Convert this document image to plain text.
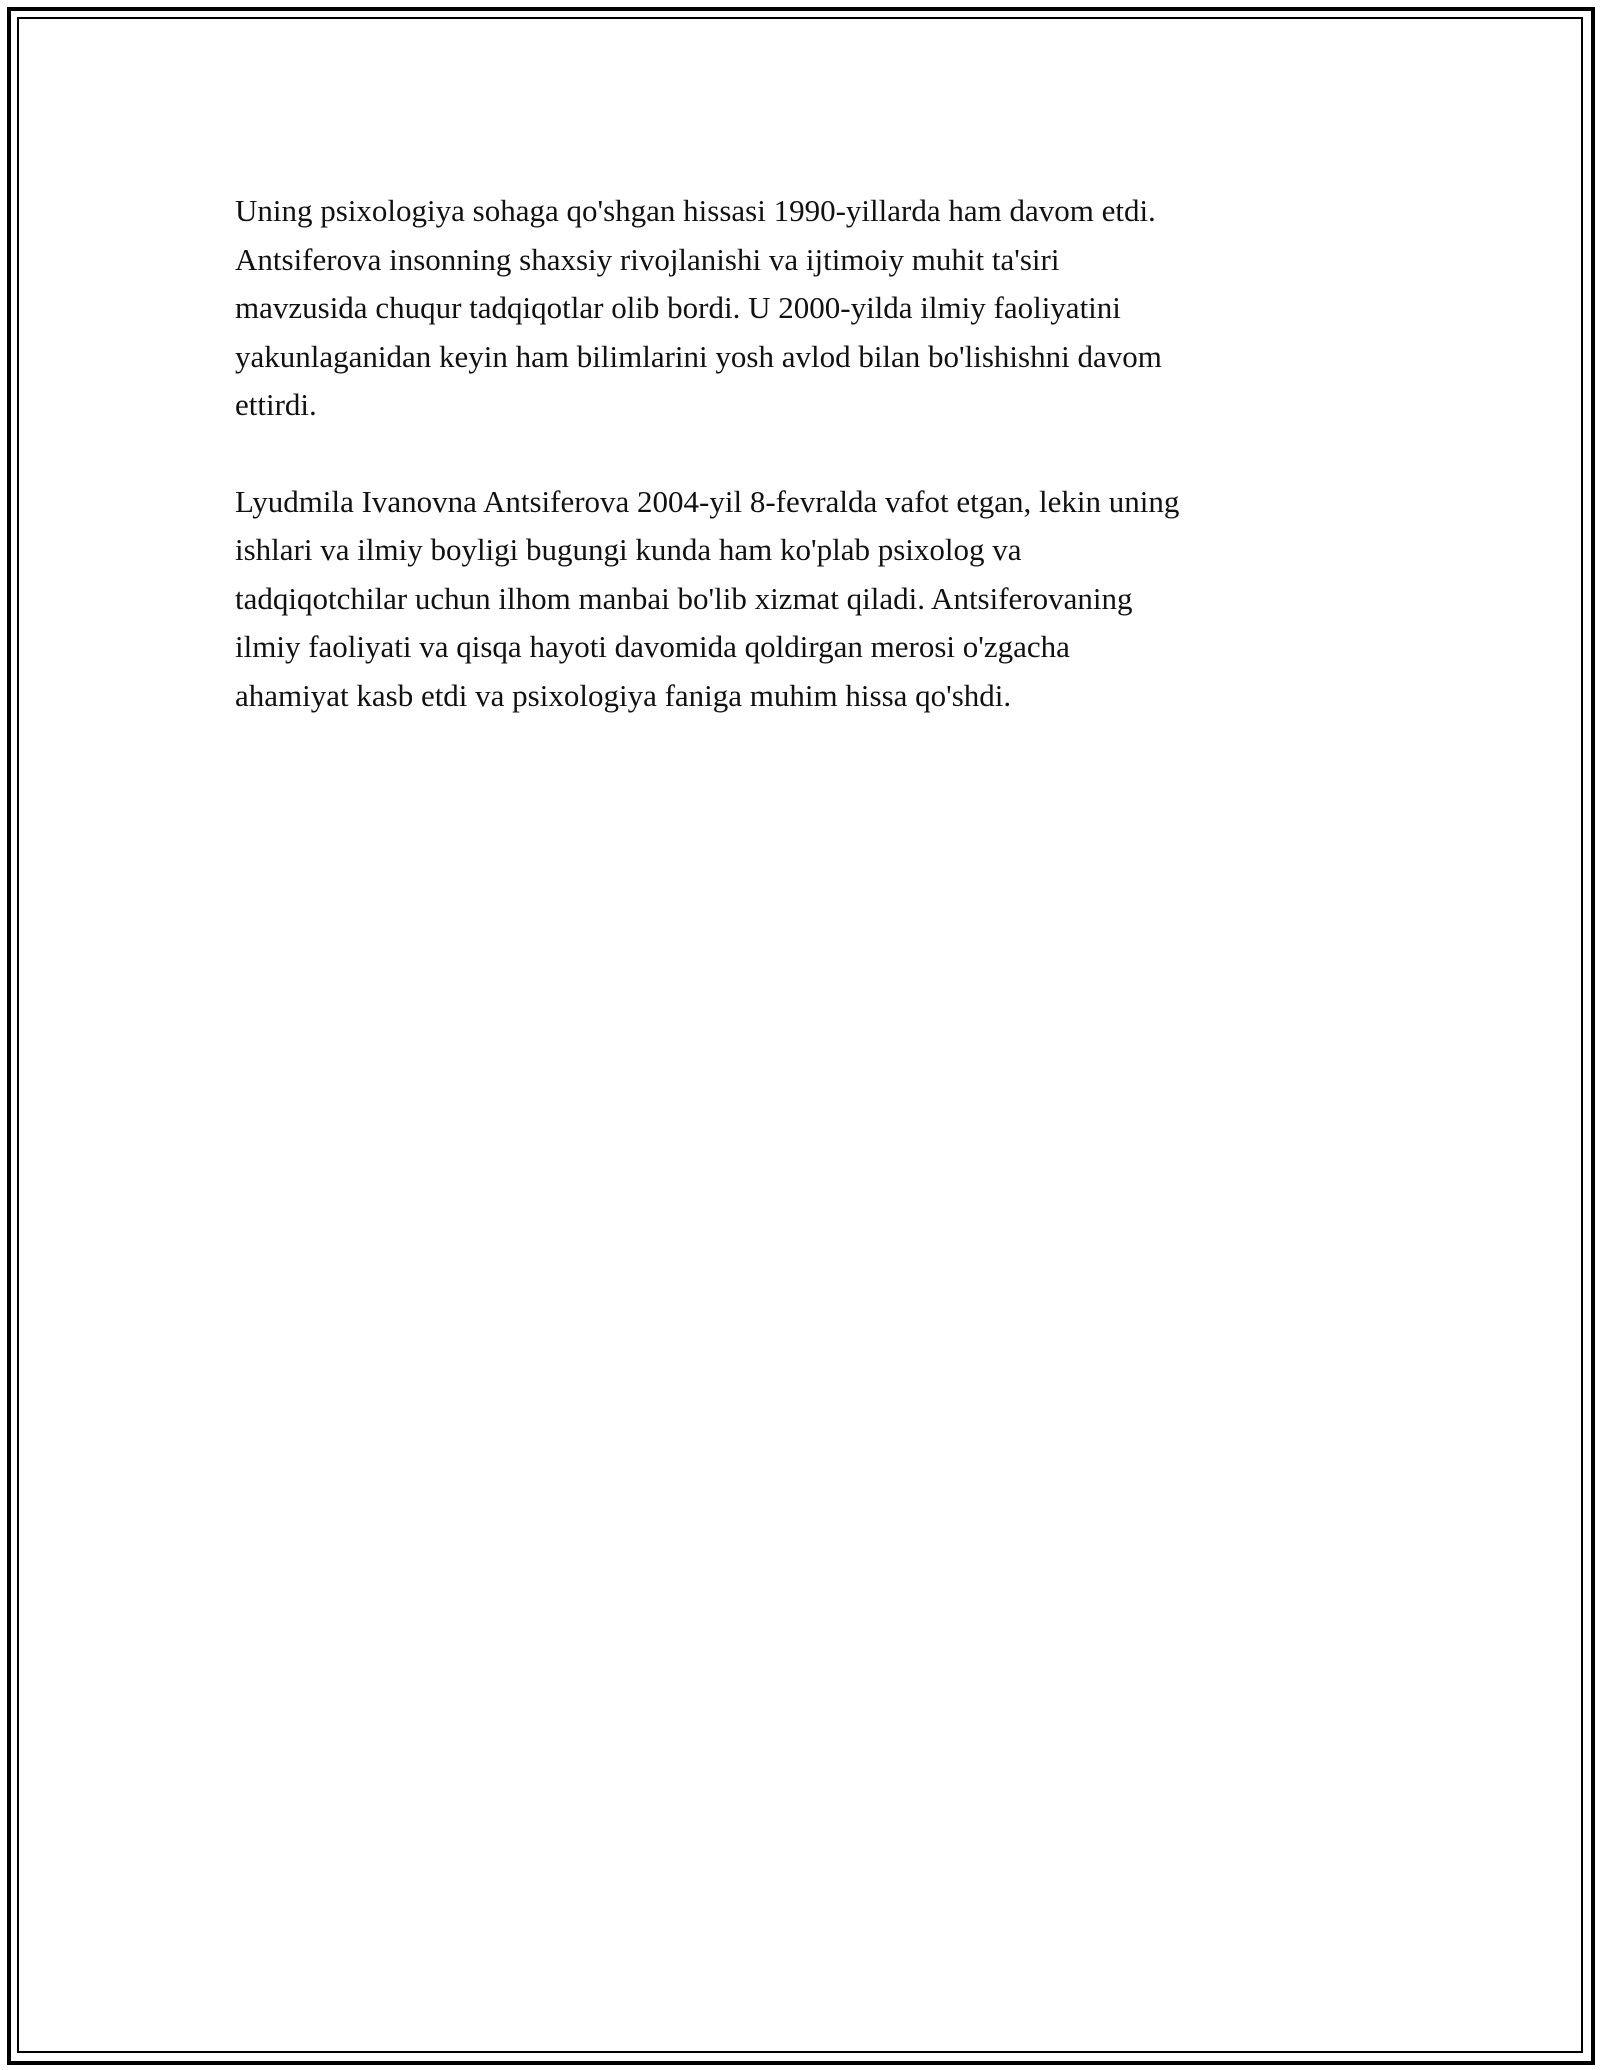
Uning psixologiya sohaga qo'shgan hissasi 1990-yillarda ham davom etdi.
Antsiferova insonning shaxsiy rivojlanishi va ijtimoiy muhit ta'siri
mavzusida chuqur tadqiqotlar olib bordi. U 2000-yilda ilmiy faoliyatini
yakunlaganidan keyin ham bilimlarini yosh avlod bilan bo'lishishni davom
ettirdi.

Lyudmila Ivanovna Antsiferova 2004-yil 8-fevralda vafot etgan, lekin uning
ishlari va ilmiy boyligi bugungi kunda ham ko'plab psixolog va
tadqiqotchilar uchun ilhom manbai bo'lib xizmat qiladi. Antsiferovaning
ilmiy faoliyati va qisqa hayoti davomida qoldirgan merosi o'zgacha
ahamiyat kasb etdi va psixologiya faniga muhim hissa qo'shdi.
